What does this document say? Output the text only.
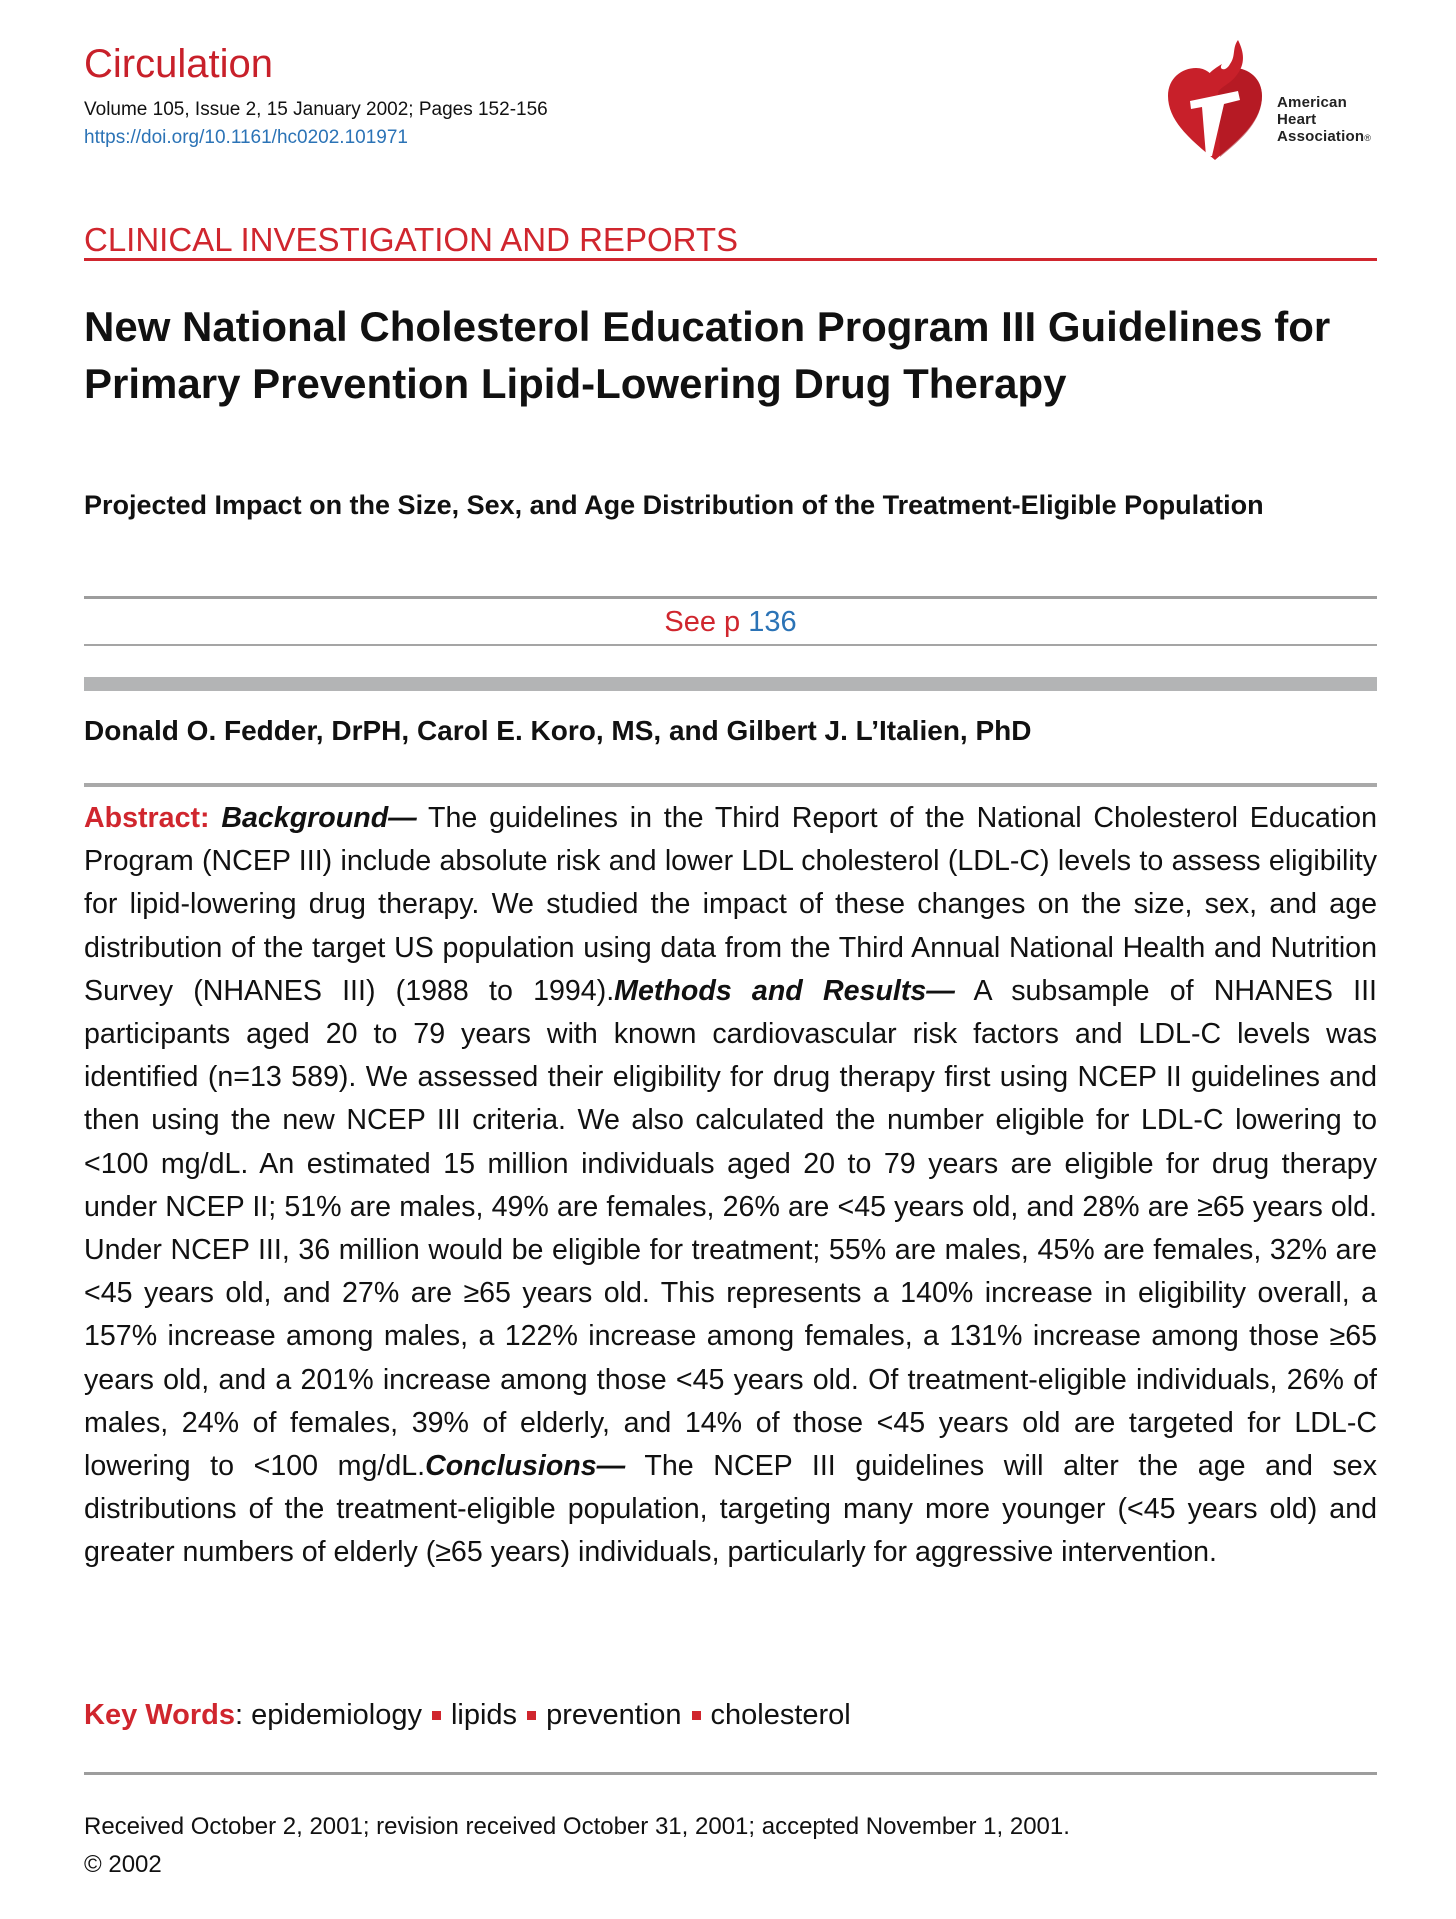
Circulation
Volume 105, Issue 2, 15 January 2002; Pages 152-156
https://doi.org/10.1161/hc0202.101971
American
Heart
Association®
CLINICAL INVESTIGATION AND REPORTS
New National Cholesterol Education Program III Guidelines for Primary Prevention Lipid-Lowering Drug Therapy
Projected Impact on the Size, Sex, and Age Distribution of the Treatment-Eligible Population
See p 136
Donald O. Fedder, DrPH, Carol E. Koro, MS, and Gilbert J. L’Italien, PhD
Abstract: Background— The guidelines in the Third Report of the National Cholesterol Education Program (NCEP III) include absolute risk and lower LDL cholesterol (LDL-C) levels to assess eligibility for lipid-lowering drug therapy. We studied the impact of these changes on the size, sex, and age distribution of the target US population using data from the Third Annual National Health and Nutrition Survey (NHANES III) (1988 to 1994).Methods and Results— A subsample of NHANES III participants aged 20 to 79 years with known cardiovascular risk factors and LDL-C levels was identified (n=13 589). We assessed their eligibility for drug therapy first using NCEP II guidelines and then using the new NCEP III criteria. We also calculated the number eligible for LDL-C lowering to <100 mg/dL. An estimated 15 million individuals aged 20 to 79 years are eligible for drug therapy under NCEP II; 51% are males, 49% are females, 26% are <45 years old, and 28% are ≥65 years old. Under NCEP III, 36 million would be eligible for treatment; 55% are males, 45% are females, 32% are <45 years old, and 27% are ≥65 years old. This represents a 140% increase in eligibility overall, a 157% increase among males, a 122% increase among females, a 131% increase among those ≥65 years old, and a 201% increase among those <45 years old. Of treatment-eligible individuals, 26% of males, 24% of females, 39% of elderly, and 14% of those <45 years old are targeted for LDL-C lowering to <100 mg/dL.Conclusions— The NCEP III guidelines will alter the age and sex distributions of the treatment-eligible population, targeting many more younger (<45 years old) and greater numbers of elderly (≥65 years) individuals, particularly for aggressive intervention.
Key Words: epidemiology lipids prevention cholesterol
Received October 2, 2001; revision received October 31, 2001; accepted November 1, 2001.
© 2002
